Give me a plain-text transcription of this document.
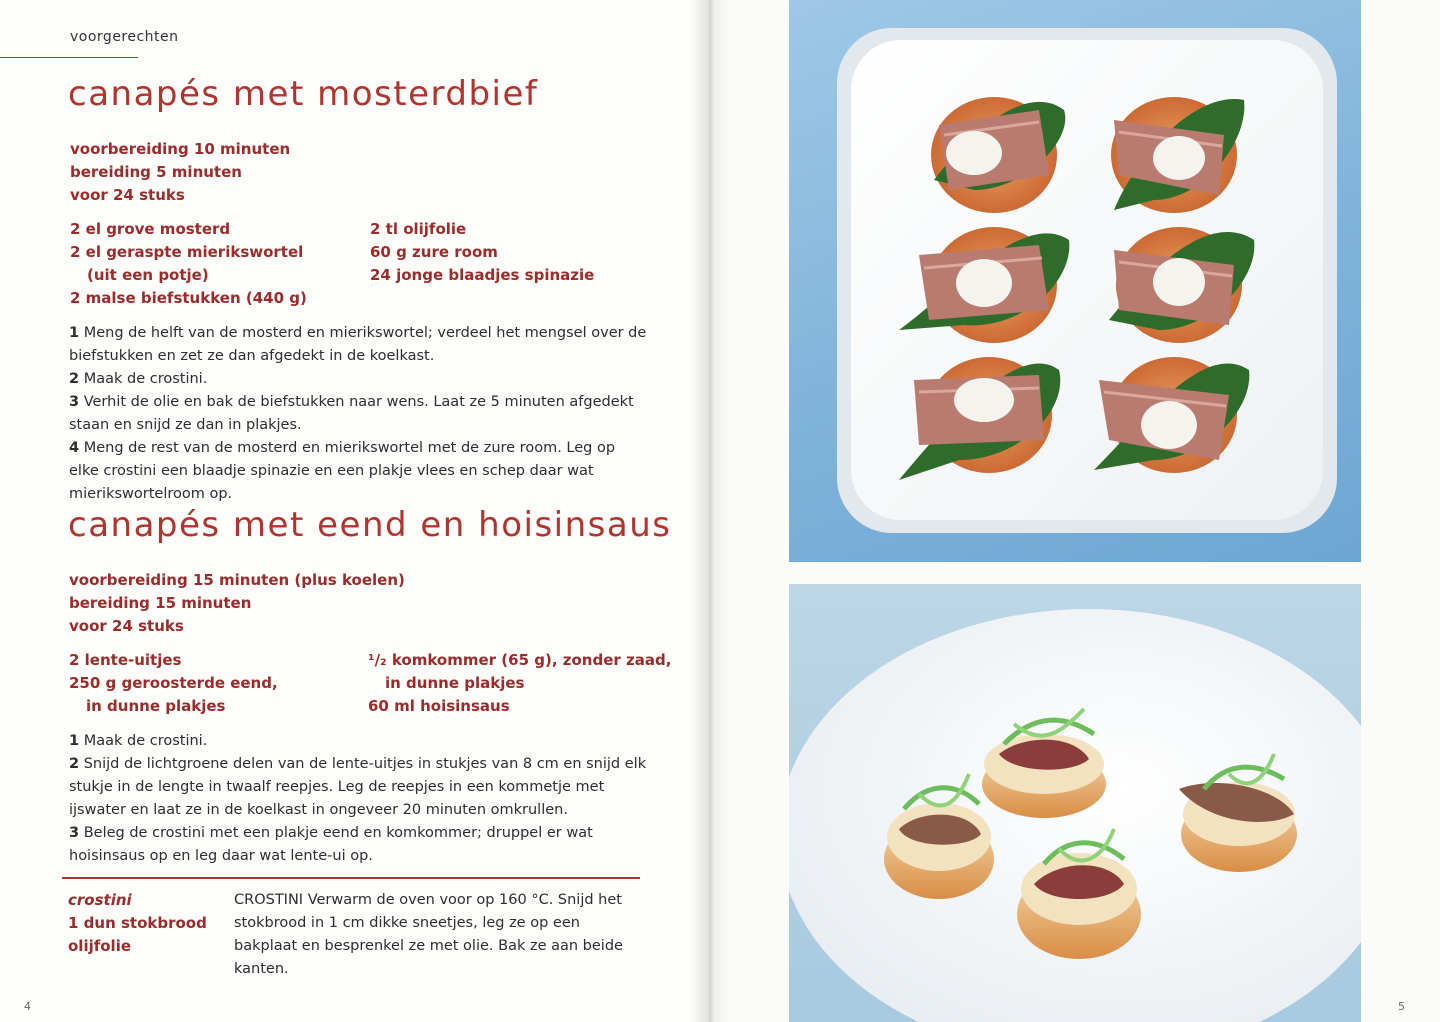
voorgerechten
canapés met mosterdbief
voorbereiding 10 minuten
bereiding 5 minuten
voor 24 stuks
2 el grove mosterd
2 el geraspte mierikswortel
(uit een potje)
2 malse biefstukken (440 g)
2 tl olijfolie
60 g zure room
24 jonge blaadjes spinazie

1 Meng de helft van de mosterd en mierikswortel; verdeel het mengsel over de biefstukken en zet ze dan afgedekt in de koelkast.

2 Maak de crostini.

3 Verhit de olie en bak de biefstukken naar wens. Laat ze 5 minuten afgedekt staan en snijd ze dan in plakjes.

4 Meng de rest van de mosterd en mierikswortel met de zure room. Leg op elke crostini een blaadje spinazie en een plakje vlees en schep daar wat mierikswortelroom op.

canapés met eend en hoisinsaus
voorbereiding 15 minuten (plus koelen)
bereiding 15 minuten
voor 24 stuks
2 lente-uitjes
250 g geroosterde eend,
in dunne plakjes
¹/₂ komkommer (65 g), zonder zaad,
in dunne plakjes
60 ml hoisinsaus

1 Maak de crostini.

2 Snijd de lichtgroene delen van de lente-uitjes in stukjes van 8 cm en snijd elk stukje in de lengte in twaalf reepjes. Leg de reepjes in een kommetje met ijswater en laat ze in de koelkast in ongeveer 20 minuten omkrullen.

3 Beleg de crostini met een plakje eend en komkommer; druppel er wat hoisinsaus op en leg daar wat lente-ui op.

crostini
1 dun stokbrood
olijfolie
CROSTINI Verwarm de oven voor op 160 °C. Snijd het stokbrood in 1 cm dikke sneetjes, leg ze op een bakplaat en besprenkel ze met olie. Bak ze aan beide kanten.
4	5
